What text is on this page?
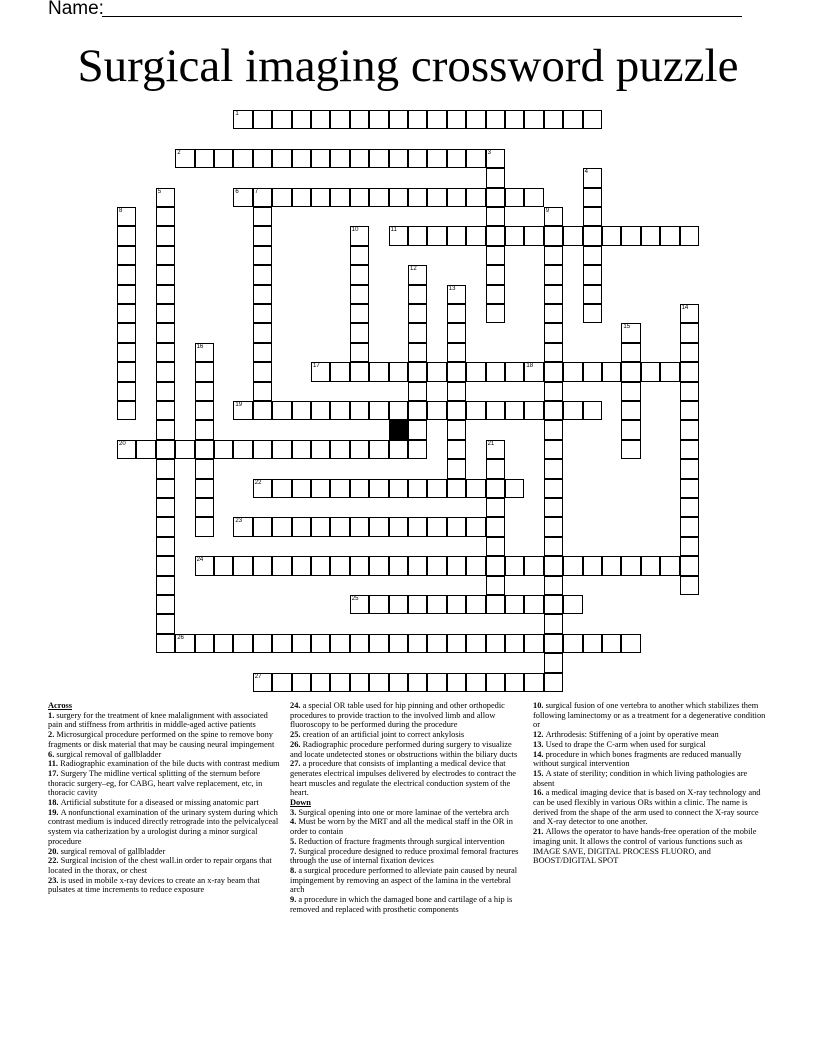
Name:
Surgical imaging crossword puzzle
1
2	3
4
5	6	7
8	9
10	11
12
13
14
15
16
17	18
19
20	21
22
23
24
25
26
27

Across

1. surgery for the treatment of knee malalignment with associated pain and stiffness from arthritis in middle-aged active patients

2. Microsurgical procedure performed on the spine to remove bony fragments or disk material that may be causing neural impingement

6. surgical removal of gallbladder

11. Radiographic examination of the bile ducts with contrast medium

17. Surgery The midline vertical splitting of the sternum before thoracic surgery–eg, for CABG, heart valve replacement, etc, in thoracic cavity

18. Artificial substitute for a diseased or missing anatomic part

19. A nonfunctional examination of the urinary system during which contrast medium is induced directly retrograde into the pelvicalyceal system via catherization by a urologist during a minor surgical procedure

20. surgical removal of gallbladder

22. Surgical incision of the chest wall.in order to repair organs that located in the thorax, or chest

23. is used in mobile x-ray devices to create an x-ray beam that pulsates at time increments to reduce exposure

24. a special OR table used for hip pinning and other orthopedic procedures to provide traction to the involved limb and allow fluoroscopy to be performed during the procedure

25. creation of an artificial joint to correct ankylosis

26. Radiographic procedure performed during surgery to visualize and locate undetected stones or obstructions within the biliary ducts

27. a procedure that consists of implanting a medical device that generates electrical impulses delivered by electrodes to contract the heart muscles and regulate the electrical conduction system of the heart.

Down

3. Surgical opening into one or more laminae of the vertebra arch

4. Must be worn by the MRT and all the medical staff in the OR in order to contain

5. Reduction of fracture fragments through surgical intervention

7. Surgical procedure designed to reduce proximal femoral fractures through the use of internal fixation devices

8. a surgical procedure performed to alleviate pain caused by neural impingement by removing an aspect of the lamina in the vertebral arch

9. a procedure in which the damaged bone and cartilage of a hip is removed and replaced with prosthetic components

10. surgical fusion of one vertebra to another which stabilizes them following laminectomy or as a treatment for a degenerative condition or

12. Arthrodesis: Stiffening of a joint by operative mean

13. Used to drape the C-arm when used for surgical

14. procedure in which bones fragments are reduced manually without surgical intervention

15. A state of sterility; condition in which living pathologies are absent

16. a medical imaging device that is based on X-ray technology and can be used flexibly in various ORs within a clinic. The name is derived from the shape of the arm used to connect the X-ray source and X-ray detector to one another.

21. Allows the operator to have hands-free operation of the mobile imaging unit. It allows the control of various functions such as IMAGE SAVE, DIGITAL PROCESS FLUORO, and BOOST/DIGITAL SPOT
